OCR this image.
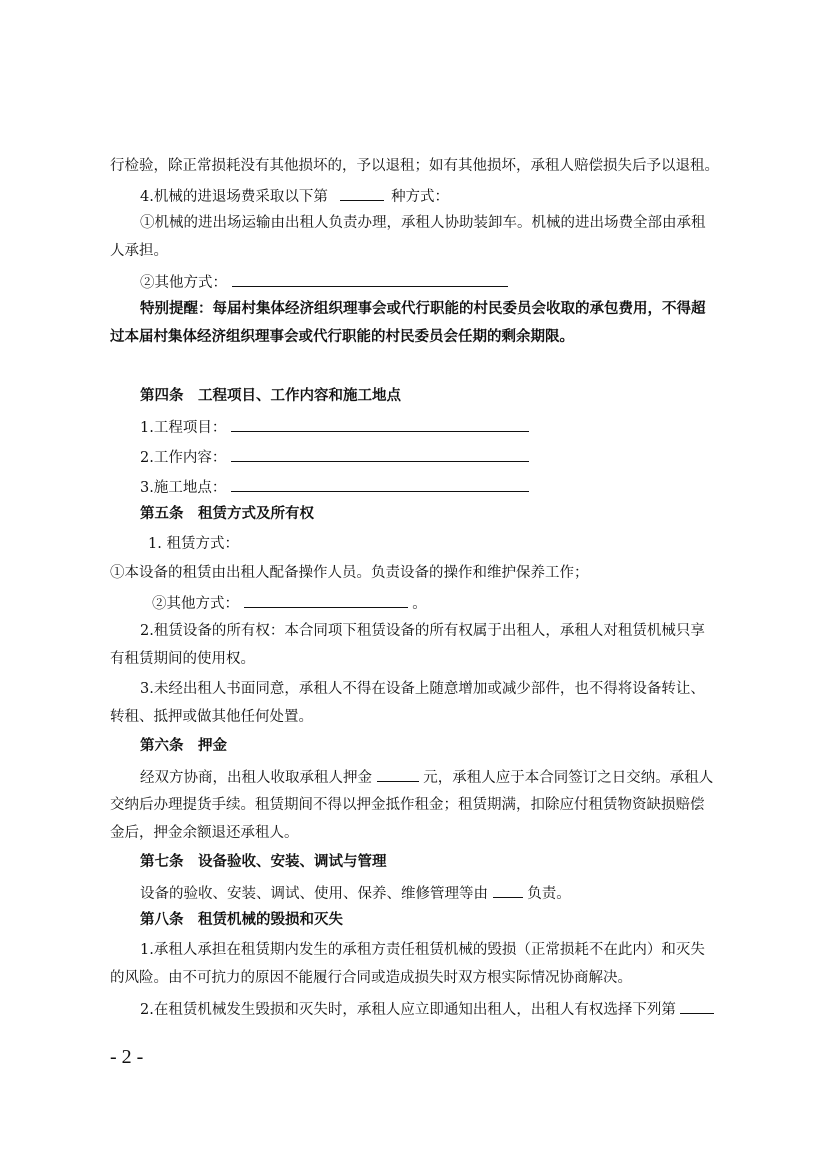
行检验，除正常损耗没有其他损坏的，予以退租；如有其他损坏，承租人赔偿损失后予以退租。
4.机械的进退场费采取以下第	种方式：
①机械的进出场运输由出租人负责办理，承租人协助装卸车。机械的进出场费全部由承租
人承担。
②其他方式：
特别提醒：每届村集体经济组织理事会或代行职能的村民委员会收取的承包费用，不得超
过本届村集体经济组织理事会或代行职能的村民委员会任期的剩余期限。
第四条　工程项目、工作内容和施工地点
1.工程项目：
2.工作内容：
3.施工地点：
第五条　租赁方式及所有权
1. 租赁方式：
①本设备的租赁由出租人配备操作人员。负责设备的操作和维护保养工作；
②其他方式：	。
2.租赁设备的所有权：本合同项下租赁设备的所有权属于出租人，承租人对租赁机械只享
有租赁期间的使用权。
3.未经出租人书面同意，承租人不得在设备上随意增加或减少部件，也不得将设备转让、
转租、抵押或做其他任何处置。
第六条　押金
经双方协商，出租人收取承租人押金	元，承租人应于本合同签订之日交纳。承租人
交纳后办理提货手续。租赁期间不得以押金抵作租金；租赁期满，扣除应付租赁物资缺损赔偿
金后，押金余额退还承租人。
第七条　设备验收、安装、调试与管理
设备的验收、安装、调试、使用、保养、维修管理等由	负责。
第八条　租赁机械的毁损和灭失
1.承租人承担在租赁期内发生的承租方责任租赁机械的毁损（正常损耗不在此内）和灭失
的风险。由不可抗力的原因不能履行合同或造成损失时双方根实际情况协商解决。
2.在租赁机械发生毁损和灭失时，承租人应立即通知出租人，出租人有权选择下列第
- 2 -
